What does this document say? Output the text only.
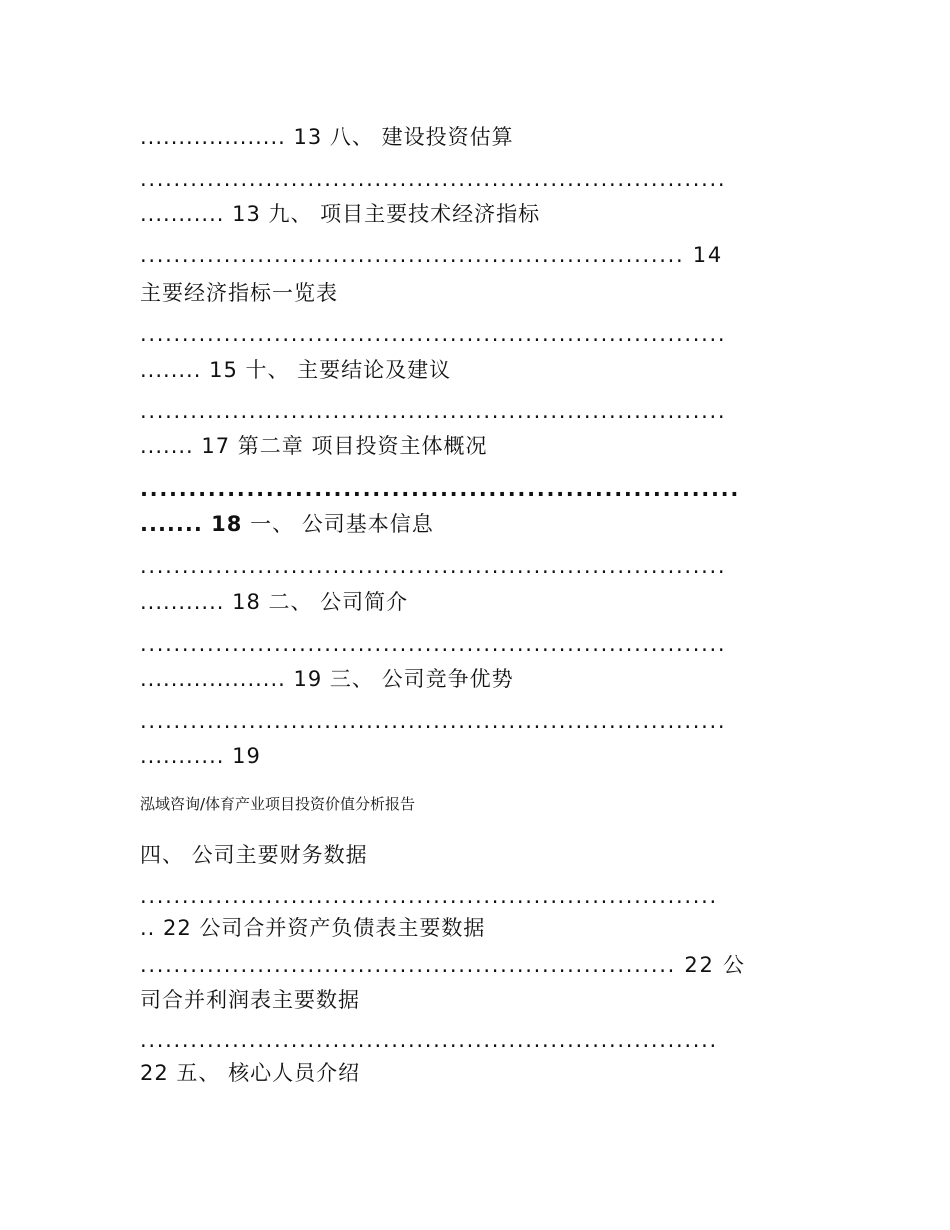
................... 13 八、 建设投资估算
......................................................................
........... 13 九、 项目主要技术经济指标
................................................................. 14
主要经济指标一览表
......................................................................
........ 15 十、 主要结论及建议
......................................................................
....... 17 第二章 项目投资主体概况
..............................................................
....... 18 一、 公司基本信息
......................................................................
........... 18 二、 公司简介
......................................................................
................... 19 三、 公司竞争优势
......................................................................
........... 19
泓域咨询/体育产业项目投资价值分析报告
四、 公司主要财务数据
.....................................................................
.. 22 公司合并资产负债表主要数据
................................................................ 22 公
司合并利润表主要数据
.....................................................................
22 五、 核心人员介绍
